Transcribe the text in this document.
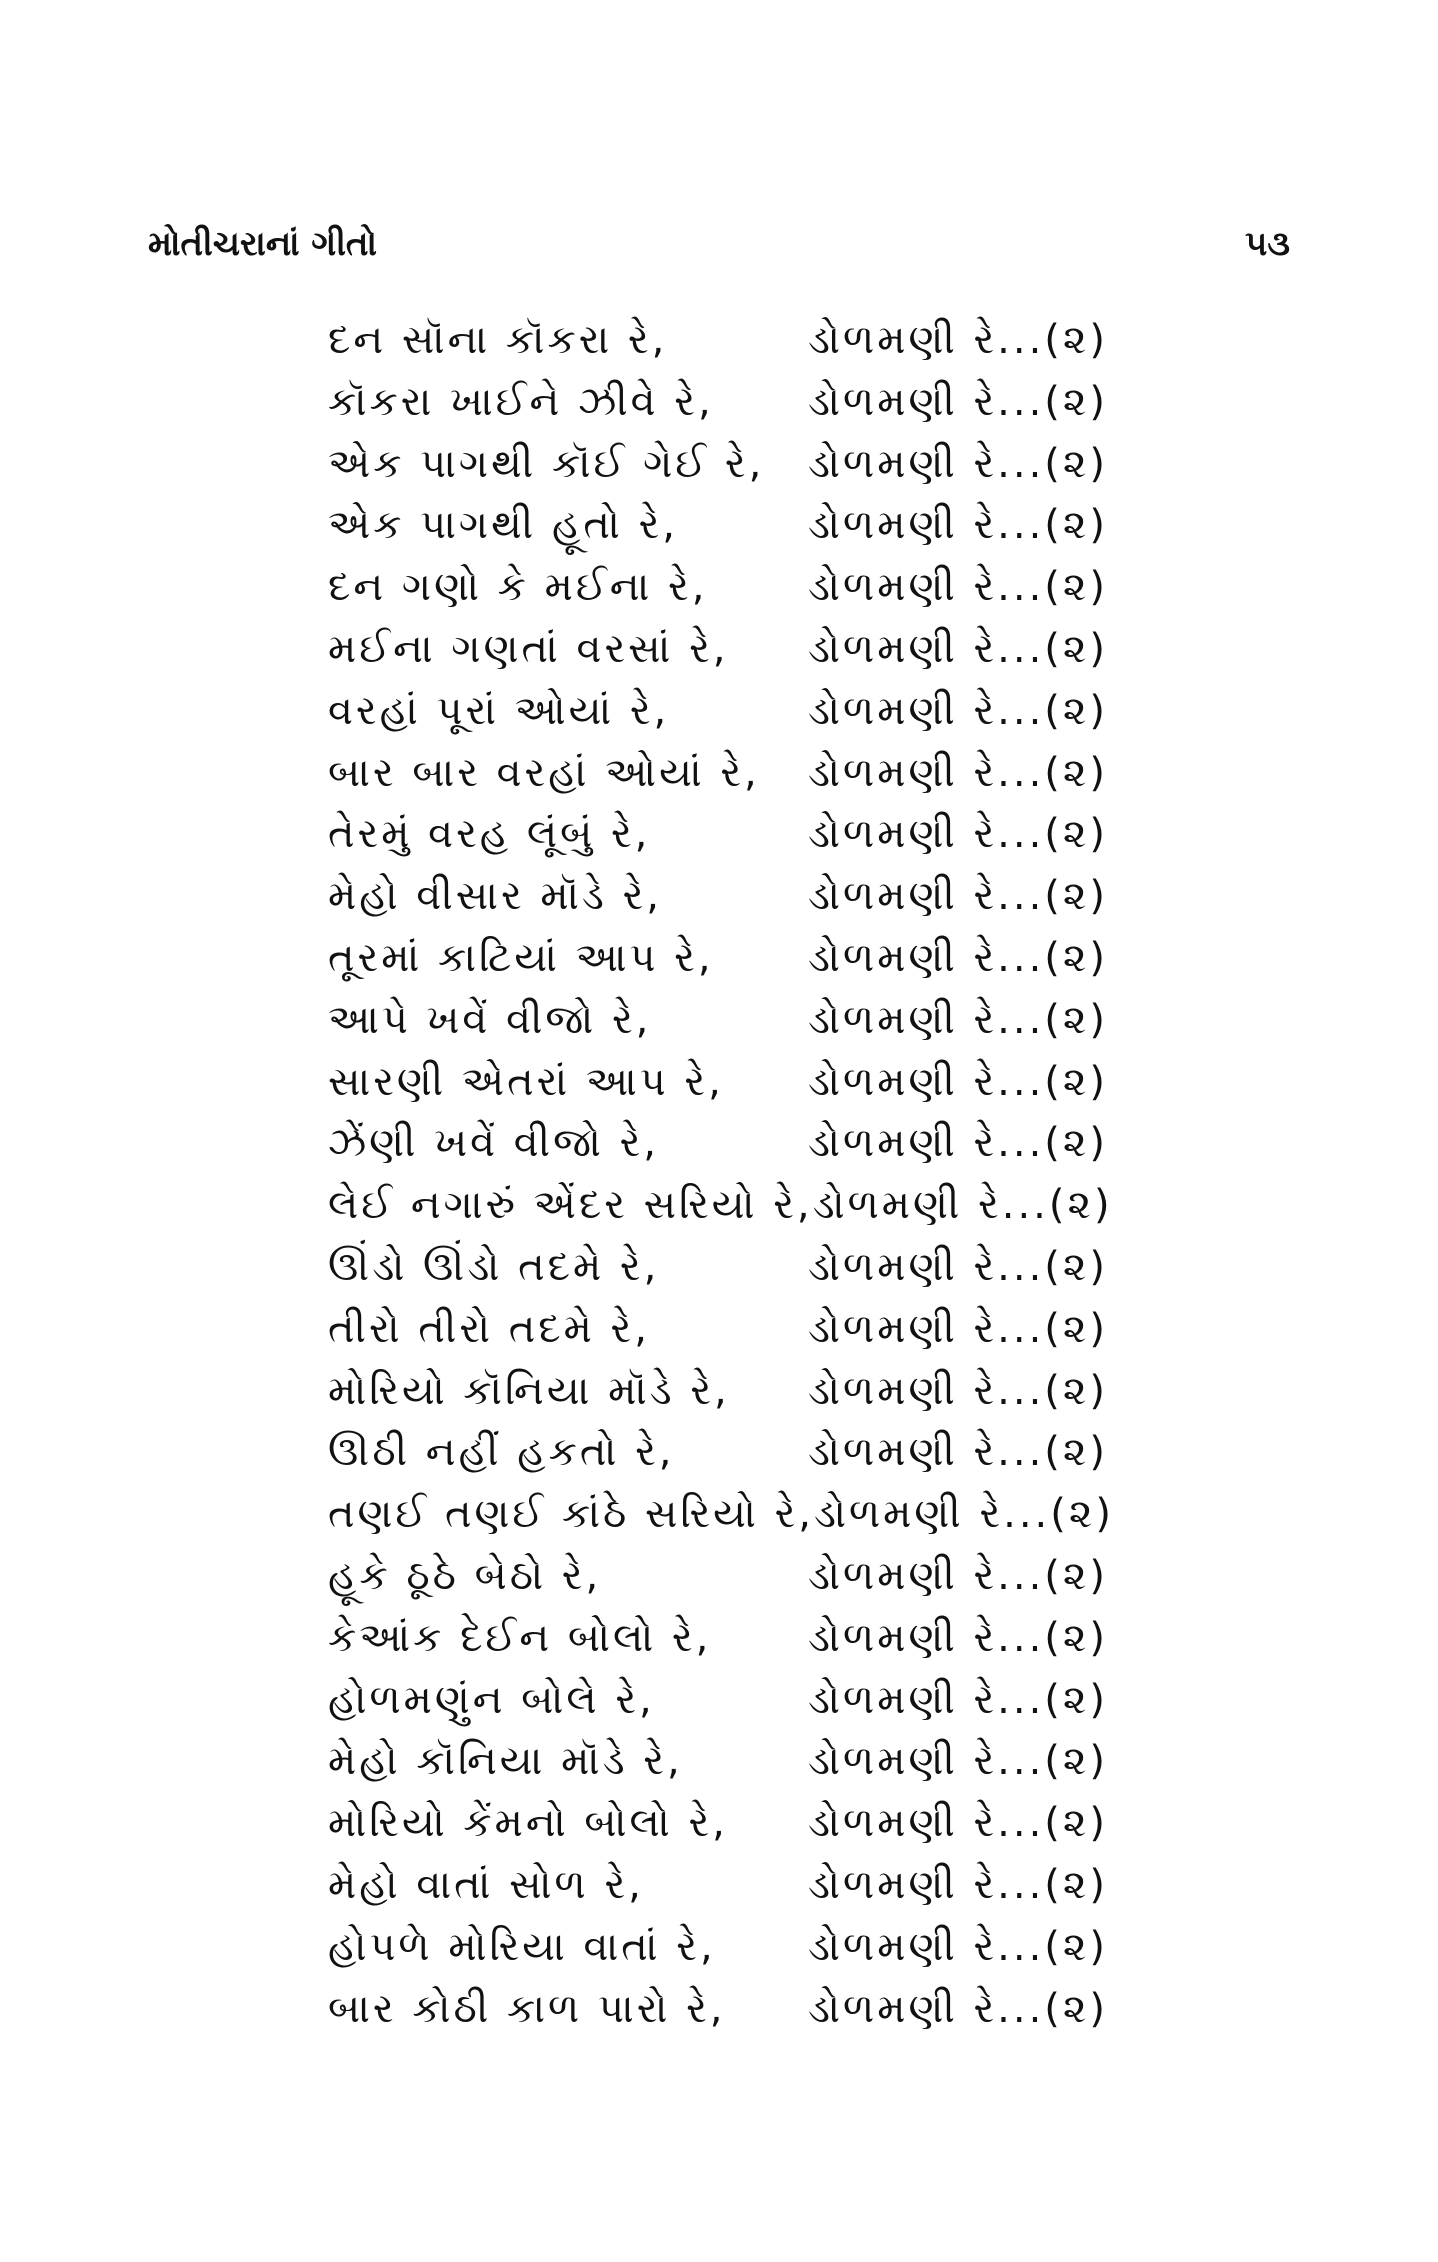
મોતીચરાનાં ગીતો	૫૩
દન સૉના કૉકરા રે,	ડોળમણી રે...(૨)
કૉકરા ખાઈને ઝીવે રે, ડોળમણી રે...(૨)
એક પાગથી કૉઈ ગેઈ રે, ડોળમણી રે...(૨)
એક પાગથી હૂતો રે,	ડોળમણી રે...(૨)
દન ગણો કે મઈના રે,	ડોળમણી રે...(૨)
મઈના ગણતાં વરસાં રે, ડોળમણી રે...(૨)
વરહાં પૂરાં ઓયાં રે,	ડોળમણી રે...(૨)
બાર બાર વરહાં ઓયાં રે, ડોળમણી રે...(૨)
તેરમું વરહ લૂંબું રે,	ડોળમણી રે...(૨)
મેહો વીસાર મૉડે રે,	ડોળમણી રે...(૨)
તૂરમાં કાટિયાં આપ રે, ડોળમણી રે...(૨)
આપે ખવેં વીજો રે,	ડોળમણી રે...(૨)
સારણી એતરાં આપ રે, ડોળમણી રે...(૨)
ઝેંણી ખવેં વીજો રે,	ડોળમણી રે...(૨)
લેઈ નગારું એંદર સરિયો રે, ડોળમણી રે...(૨)
ઊંડો ઊંડો તદમે રે,	ડોળમણી રે...(૨)
તીરો તીરો તદમે રે,	ડોળમણી રે...(૨)
મોરિયો કૉનિયા મૉડે રે, ડોળમણી રે...(૨)
ઊઠી નહીં હકતો રે,	ડોળમણી રે...(૨)
તણઈ તણઈ કાંઠે સરિયો રે, ડોળમણી રે...(૨)
હૂકે ઠૂઠે બેઠો રે,	ડોળમણી રે...(૨)
કેઆંક દેઈન બોલો રે, ડોળમણી રે...(૨)
હોળમણુંન બોલે રે,	ડોળમણી રે...(૨)
મેહો કૉનિયા મૉડે રે,	ડોળમણી રે...(૨)
મોરિયો કેંમનો બોલો રે, ડોળમણી રે...(૨)
મેહો વાતાં સોળ રે,	ડોળમણી રે...(૨)
હોપળે મોરિયા વાતાં રે, ડોળમણી રે...(૨)
બાર કોઠી કાળ પારો રે, ડોળમણી રે...(૨)
